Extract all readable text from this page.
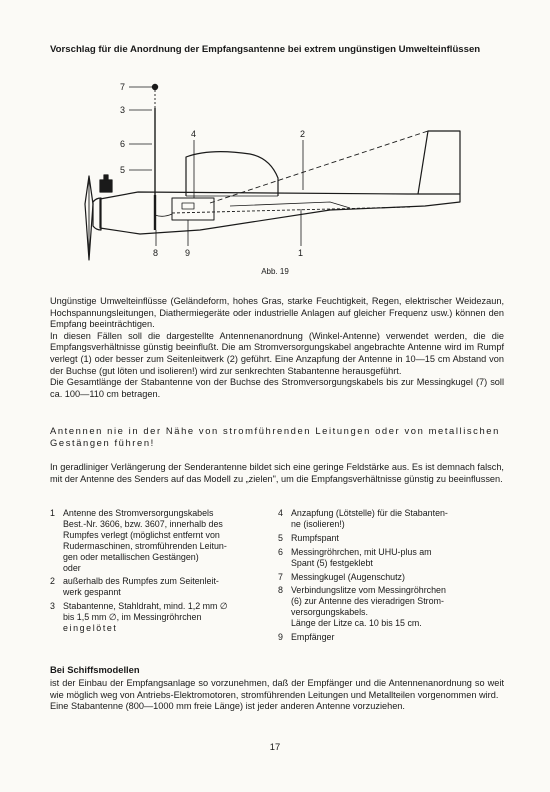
Vorschlag für die Anordnung der Empfangsantenne bei extrem ungünstigen Umwelteinflüssen
7
3
6
5
4	2
8	9	1
Abb. 19

Ungünstige Umwelteinflüsse (Geländeform, hohes Gras, starke Feuchtigkeit, Regen, elektrischer Weidezaun, Hochspannungsleitungen, Diathermiegeräte oder industrielle Anlagen auf gleicher Frequenz usw.) können den Empfang beeinträchtigen.

In diesen Fällen soll die dargestellte Antennenanordnung (Winkel-Antenne) verwendet werden, die die Empfangsverhältnisse günstig beeinflußt. Die am Stromversorgungskabel angebrachte Antenne wird im Rumpf verlegt (1) oder besser zum Seitenleitwerk (2) geführt. Eine Anzapfung der Antenne in 10—15 cm Abstand von der Buchse (gut löten und isolieren!) wird zur senkrechten Stabantenne herausgeführt.

Die Gesamtlänge der Stabantenne von der Buchse des Stromversorgungskabels bis zur Messingkugel (7) soll ca. 100—110 cm betragen.

Antennen nie in der Nähe von stromführenden Leitungen oder von metallischen Gestängen führen!

In geradliniger Verlängerung der Senderantenne bildet sich eine geringe Feldstärke aus. Es ist demnach falsch, mit der Antenne des Senders auf das Modell zu „zielen", um die Empfangsverhältnisse günstig zu beeinflussen.

1 Antenne des Stromversorgungskabels
Best.-Nr. 3606, bzw. 3607, innerhalb des
Rumpfes verlegt (möglichst entfernt von
Rudermaschinen, stromführenden Leitun-
gen oder metallischen Gestängen)
oder
2 außerhalb des Rumpfes zum Seitenleit-
werk gespannt
3 Stabantenne, Stahldraht, mind. 1,2 mm ∅
bis 1,5 mm ∅, im Messingröhrchen
eingelötet
4 Anzapfung (Lötstelle) für die Stabanten-
ne (isolieren!)
5 Rumpfspant
6 Messingröhrchen, mit UHU-plus am
Spant (5) festgeklebt
7 Messingkugel (Augenschutz)
8 Verbindungslitze vom Messingröhrchen
(6) zur Antenne des vieradrigen Strom-
versorgungskabels.
Länge der Litze ca. 10 bis 15 cm.
9 Empfänger
Bei Schiffsmodellen

ist der Einbau der Empfangsanlage so vorzunehmen, daß der Empfänger und die Antennenanordnung so weit wie möglich weg von Antriebs-Elektromotoren, stromführenden Leitungen und Metallteilen vorgenommen wird.

Eine Stabantenne (800—1000 mm freie Länge) ist jeder anderen Antenne vorzuziehen.

17
